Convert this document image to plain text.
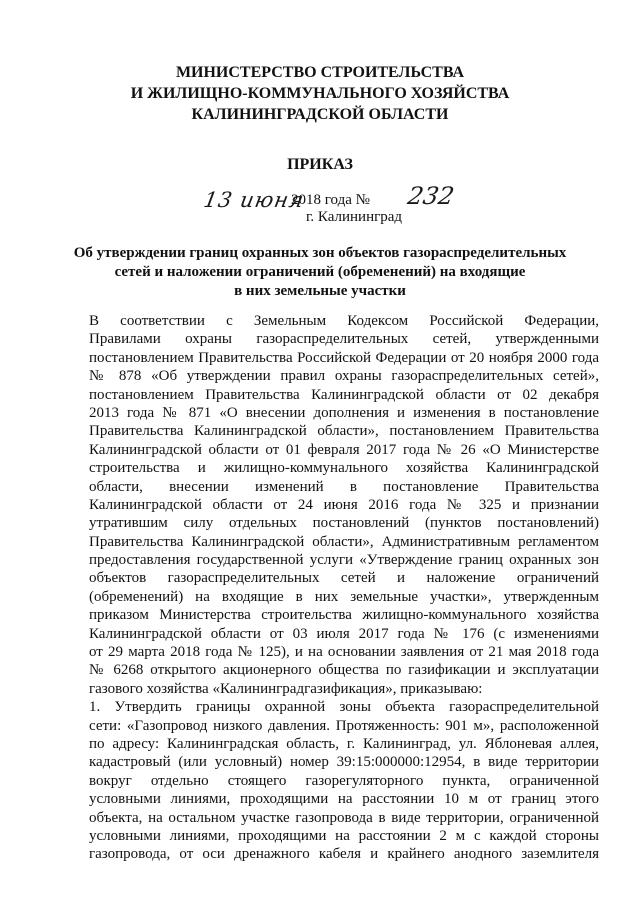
МИНИСТЕРСТВО СТРОИТЕЛЬСТВА
И ЖИЛИЩНО-КОММУНАЛЬНОГО ХОЗЯЙСТВА
КАЛИНИНГРАДСКОЙ ОБЛАСТИ
ПРИКАЗ
13 июня
2018 года № 232
г. Калининград
Об утверждении границ охранных зон объектов газораспределительных
сетей и наложении ограничений (обременений) на входящие
в них земельные участки
В соответствии с Земельным Кодексом Российской Федерации,
Правилами охраны газораспределительных сетей, утвержденными
постановлением Правительства Российской Федерации от 20 ноября 2000 года
№ 878 «Об утверждении правил охраны газораспределительных сетей»,
постановлением Правительства Калининградской области от 02 декабря
2013 года № 871 «О внесении дополнения и изменения в постановление
Правительства Калининградской области», постановлением Правительства
Калининградской области от 01 февраля 2017 года № 26 «О Министерстве
строительства и жилищно-коммунального хозяйства Калининградской
области, внесении изменений в постановление Правительства
Калининградской области от 24 июня 2016 года № 325 и признании
утратившим силу отдельных постановлений (пунктов постановлений)
Правительства Калининградской области», Административным регламентом
предоставления государственной услуги «Утверждение границ охранных зон
объектов газораспределительных сетей и наложение ограничений
(обременений) на входящие в них земельные участки», утвержденным
приказом Министерства строительства жилищно-коммунального хозяйства
Калининградской области от 03 июля 2017 года № 176 (с изменениями
от 29 марта 2018 года № 125), и на основании заявления от 21 мая 2018 года
№ 6268 открытого акционерного общества по газификации и эксплуатации
газового хозяйства «Калининградгазификация», приказываю:
1. Утвердить границы охранной зоны объекта газораспределительной
сети: «Газопровод низкого давления. Протяженность: 901 м», расположенной
по адресу: Калининградская область, г. Калининград, ул. Яблоневая аллея,
кадастровый (или условный) номер 39:15:000000:12954, в виде территории
вокруг отдельно стоящего газорегуляторного пункта, ограниченной
условными линиями, проходящими на расстоянии 10 м от границ этого
объекта, на остальном участке газопровода в виде территории, ограниченной
условными линиями, проходящими на расстоянии 2 м с каждой стороны
газопровода, от оси дренажного кабеля и крайнего анодного заземлителя
